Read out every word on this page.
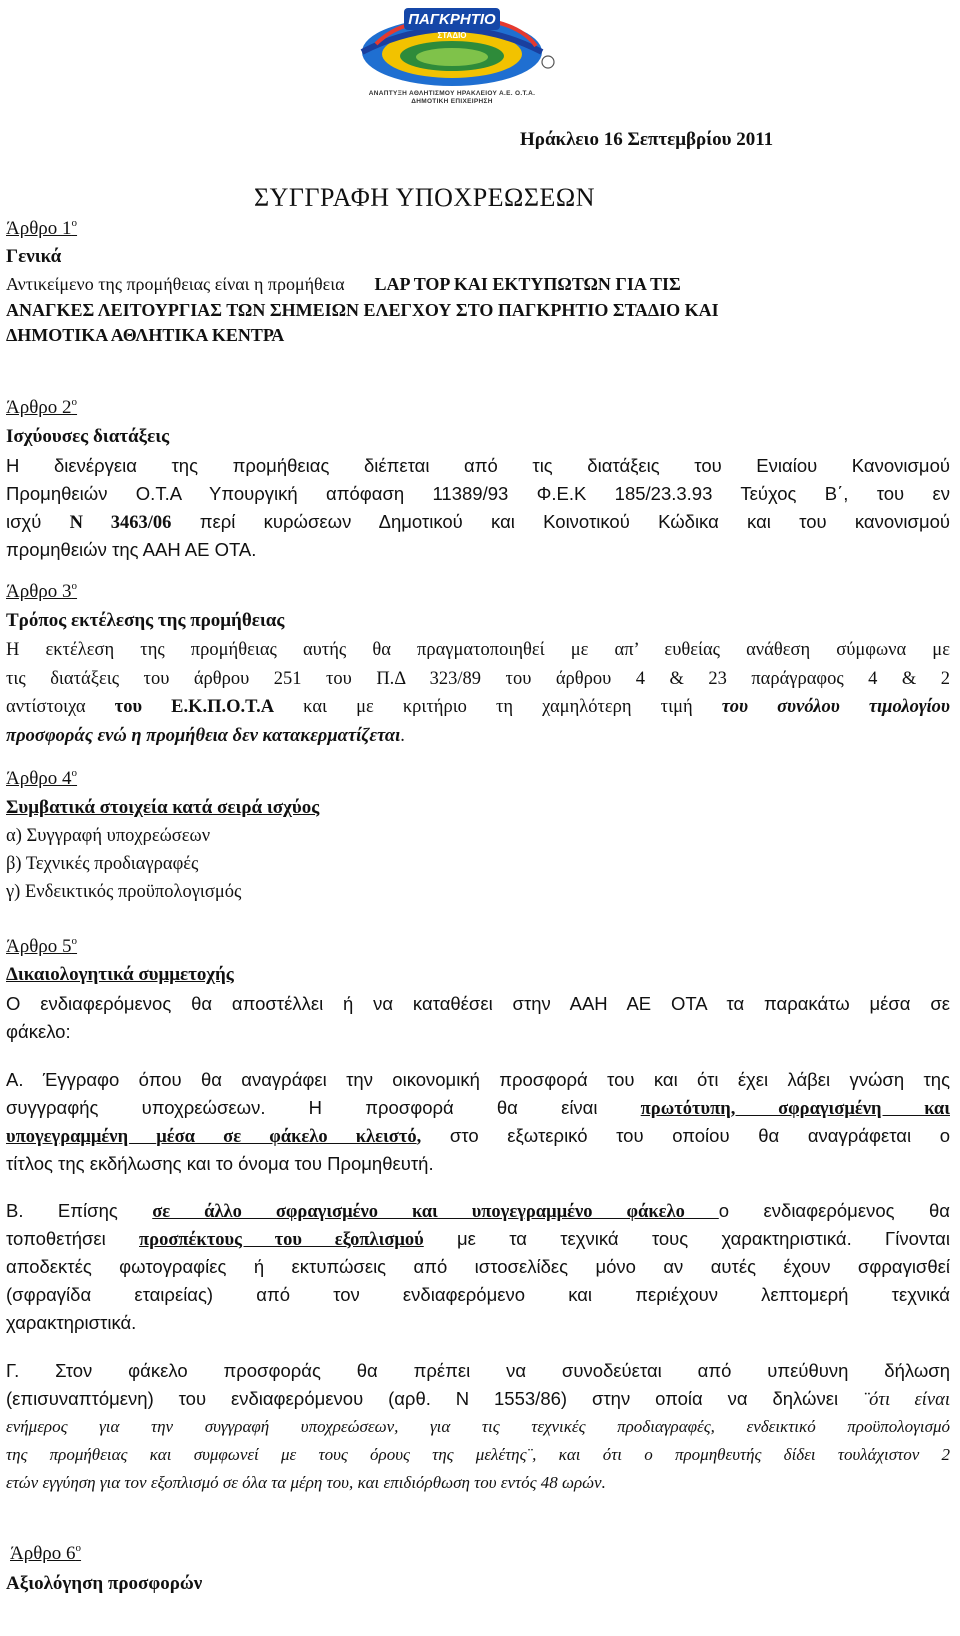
ΠΑΓΚΡΗΤΙΟ
ΣΤΑΔΙΟ
ΑΝΑΠΤΥΞΗ ΑΘΛΗΤΙΣΜΟΥ ΗΡΑΚΛΕΙΟΥ Α.Ε. Ο.Τ.Α.
ΔΗΜΟΤΙΚΗ ΕΠΙΧΕΙΡΗΣΗ
Ηράκλειο 16 Σεπτεμβρίου 2011
ΣΥΓΓΡΑΦΗ ΥΠΟΧΡΕΩΣΕΩΝ
Άρθρο $1^o$
Γενικά
Αντικείμενο της προμήθειας είναι η προμήθεια LAP TOP ΚΑΙ ΕΚΤΥΠΩΤΩΝ ΓΙΑ ΤΙΣ
ΑΝΑΓΚΕΣ ΛΕΙΤΟΥΡΓΙΑΣ ΤΩΝ ΣΗΜΕΙΩΝ ΕΛΕΓΧΟΥ ΣΤΟ ΠΑΓΚΡΗΤΙΟ ΣΤΑΔΙΟ ΚΑΙ
ΔΗΜΟΤΙΚΑ ΑΘΛΗΤΙΚΑ ΚΕΝΤΡΑ
Άρθρο $2^o$
Ισχύουσες διατάξεις
Η διενέργεια της προμήθειας διέπεται από τις διατάξεις του Ενιαίου Κανονισμού
Προμηθειών Ο.Τ.Α Υπουργική απόφαση 11389/93 Φ.Ε.Κ 185/23.3.93 Τεύχος Β΄, του εν
ισχύ Ν 3463/06 περί κυρώσεων Δημοτικού και Κοινοτικού Κώδικα και του κανονισμού
προμηθειών της ΑΑΗ ΑΕ ΟΤΑ.
Άρθρο $3^o$
Τρόπος εκτέλεσης της προμήθειας
Η εκτέλεση της προμήθειας αυτής θα πραγματοποιηθεί με απ’ ευθείας ανάθεση σύμφωνα με
τις διατάξεις του άρθρου 251 του Π.Δ 323/89 του άρθρου 4 & 23 παράγραφος 4 & 2
αντίστοιχα του Ε.Κ.Π.Ο.Τ.Α και με κριτήριο τη χαμηλότερη τιμή του συνόλου τιμολογίου
προσφοράς ενώ η προμήθεια δεν κατακερματίζεται.
Άρθρο $4^o$
Συμβατικά στοιχεία κατά σειρά ισχύος
α) Συγγραφή υποχρεώσεων
β) Τεχνικές προδιαγραφές
γ) Ενδεικτικός προϋπολογισμός
Άρθρο $5^o$
Δικαιολογητικά συμμετοχής
Ο ενδιαφερόμενος θα αποστέλλει ή να καταθέσει στην ΑΑΗ ΑΕ ΟΤΑ τα παρακάτω μέσα σε
φάκελο:
Α. Έγγραφο όπου θα αναγράφει την οικονομική προσφορά του και ότι έχει λάβει γνώση της
συγγραφής υποχρεώσεων. Η προσφορά θα είναι πρωτότυπη, σφραγισμένη και
υπογεγραμμένη μέσα σε φάκελο κλειστό, στο εξωτερικό του οποίου θα αναγράφεται ο
τίτλος της εκδήλωσης και το όνομα του Προμηθευτή.
Β. Επίσης σε άλλο σφραγισμένο και υπογεγραμμένο φάκελο ο ενδιαφερόμενος θα
τοποθετήσει προσπέκτους του εξοπλισμού με τα τεχνικά τους χαρακτηριστικά. Γίνονται
αποδεκτές φωτογραφίες ή εκτυπώσεις από ιστοσελίδες μόνο αν αυτές έχουν σφραγισθεί
(σφραγίδα εταιρείας) από τον ενδιαφερόμενο και περιέχουν λεπτομερή τεχνικά
χαρακτηριστικά.
Γ. Στον φάκελο προσφοράς θα πρέπει να συνοδεύεται από υπεύθυνη δήλωση
(επισυναπτόμενη) του ενδιαφερόμενου (αρθ. Ν 1553/86) στην οποία να δηλώνει ¨ότι είναι
ενήμερος για την συγγραφή υποχρεώσεων, για τις τεχνικές προδιαγραφές, ενδεικτικό προϋπολογισμό
της προμήθειας και συμφωνεί με τους όρους της μελέτης¨, και ότι ο προμηθευτής δίδει τουλάχιστον 2
ετών εγγύηση για τον εξοπλισμό σε όλα τα μέρη του, και επιδιόρθωση του εντός 48 ωρών.
Άρθρο $6^o$
Αξιολόγηση προσφορών
